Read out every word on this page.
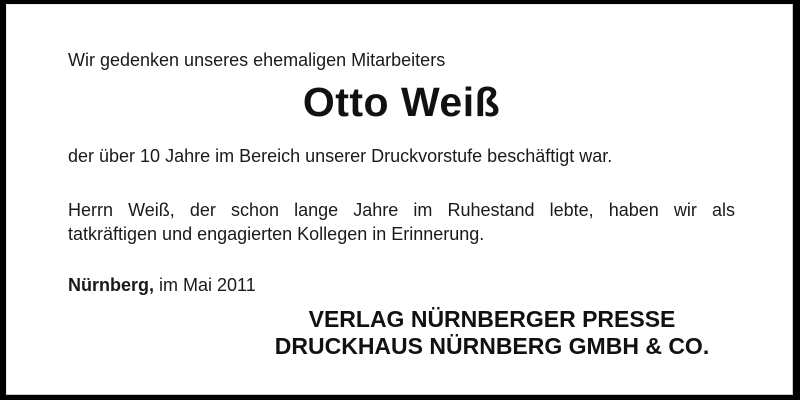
Wir gedenken unseres ehemaligen Mitarbeiters

Otto Weiß

der über 10 Jahre im Bereich unserer Druckvorstufe beschäftigt war.

Herrn Weiß, der schon lange Jahre im Ruhestand lebte, haben wir als
tatkräftigen und engagierten Kollegen in Erinnerung.

Nürnberg, im Mai 2011

VERLAG NÜRNBERGER PRESSE
DRUCKHAUS NÜRNBERG GMBH & CO.
